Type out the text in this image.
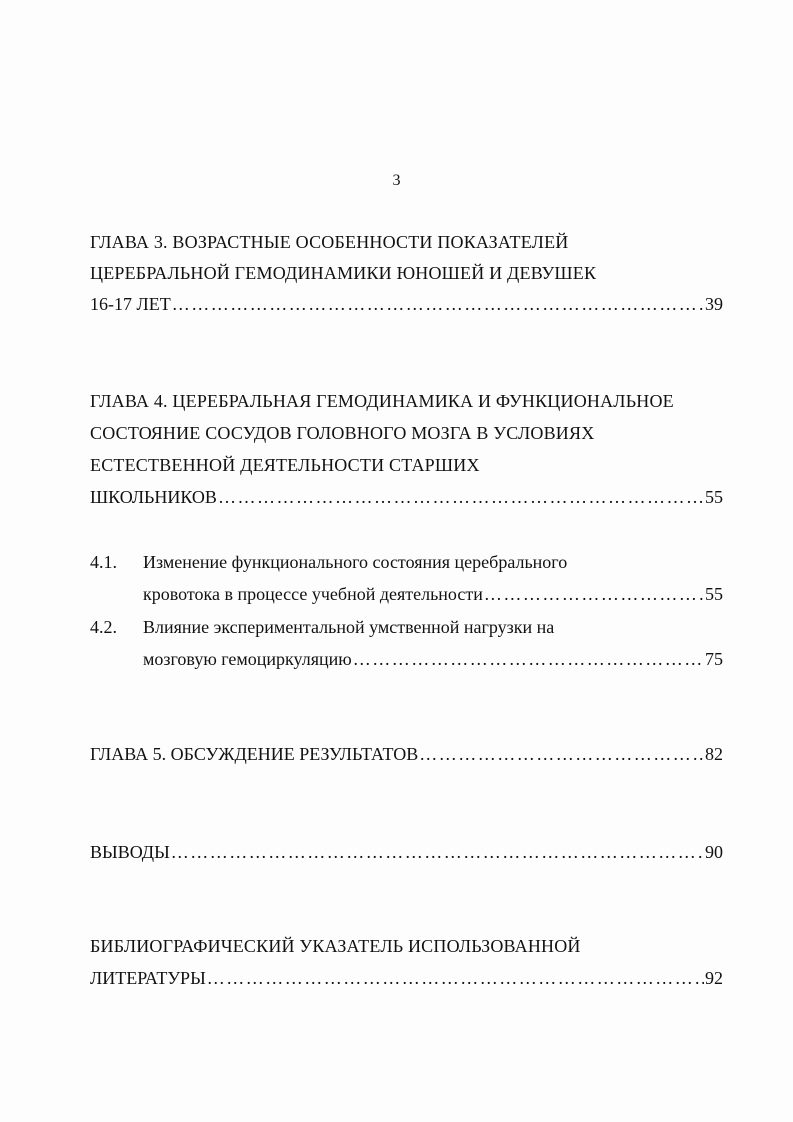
3
ГЛАВА 3. ВОЗРАСТНЫЕ ОСОБЕННОСТИ ПОКАЗАТЕЛЕЙ
ЦЕРЕБРАЛЬНОЙ ГЕМОДИНАМИКИ ЮНОШЕЙ И ДЕВУШЕК
16-17 ЛЕТ ……………………………………………………………………………………………………………………………………………………………………	39
ГЛАВА 4. ЦЕРЕБРАЛЬНАЯ ГЕМОДИНАМИКА И ФУНКЦИОНАЛЬНОЕ
СОСТОЯНИЕ СОСУДОВ ГОЛОВНОГО МОЗГА В УСЛОВИЯХ
ЕСТЕСТВЕННОЙ ДЕЯТЕЛЬНОСТИ СТАРШИХ
ШКОЛЬНИКОВ ……………………………………………………………………………………………………………………………………………………………………	55
4.1. Изменение функционального состояния церебрального
кровотока в процессе учебной деятельности ……………………………………………………………………………………………………………………………………………………………………	55
4.2. Влияние экспериментальной умственной нагрузки на
мозговую гемоциркуляцию ……………………………………………………………………………………………………………………………………………………………………	75
ГЛАВА 5. ОБСУЖДЕНИЕ РЕЗУЛЬТАТОВ ……………………………………………………………………………………………………………………………………………………………………	82
ВЫВОДЫ ……………………………………………………………………………………………………………………………………………………………………	90
БИБЛИОГРАФИЧЕСКИЙ УКАЗАТЕЛЬ ИСПОЛЬЗОВАННОЙ
ЛИТЕРАТУРЫ ……………………………………………………………………………………………………………………………………………………………………	92
